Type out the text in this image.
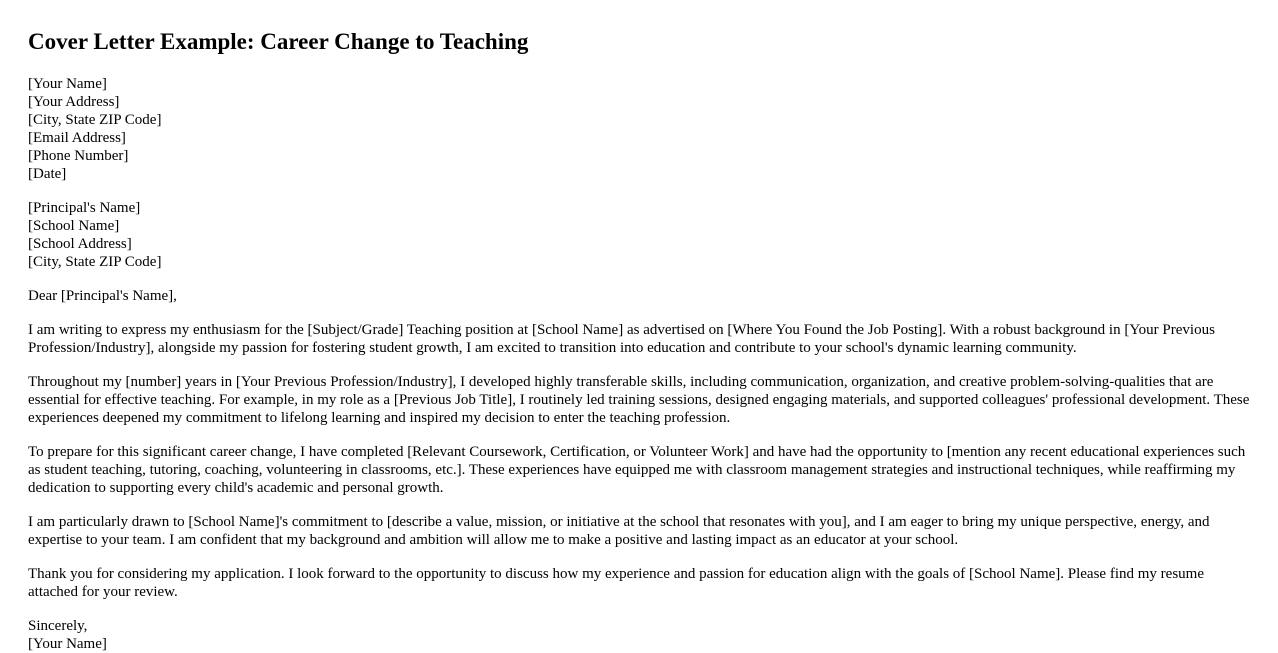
Cover Letter Example: Career Change to Teaching
[Your Name]
[Your Address]
[City, State ZIP Code]
[Email Address]
[Phone Number]
[Date]
[Principal's Name]
[School Name]
[School Address]
[City, State ZIP Code]

Dear [Principal's Name],

I am writing to express my enthusiasm for the [Subject/Grade] Teaching position at [School Name] as advertised on [Where You Found the Job Posting]. With a robust background in [Your Previous Profession/Industry], alongside my passion for fostering student growth, I am excited to transition into education and contribute to your school's dynamic learning community.

Throughout my [number] years in [Your Previous Profession/Industry], I developed highly transferable skills, including communication, organization, and creative problem-solving-qualities that are essential for effective teaching. For example, in my role as a [Previous Job Title], I routinely led training sessions, designed engaging materials, and supported colleagues' professional development. These experiences deepened my commitment to lifelong learning and inspired my decision to enter the teaching profession.

To prepare for this significant career change, I have completed [Relevant Coursework, Certification, or Volunteer Work] and have had the opportunity to [mention any recent educational experiences such as student teaching, tutoring, coaching, volunteering in classrooms, etc.]. These experiences have equipped me with classroom management strategies and instructional techniques, while reaffirming my dedication to supporting every child's academic and personal growth.

I am particularly drawn to [School Name]'s commitment to [describe a value, mission, or initiative at the school that resonates with you], and I am eager to bring my unique perspective, energy, and expertise to your team. I am confident that my background and ambition will allow me to make a positive and lasting impact as an educator at your school.

Thank you for considering my application. I look forward to the opportunity to discuss how my experience and passion for education align with the goals of [School Name]. Please find my resume attached for your review.

Sincerely,
[Your Name]
